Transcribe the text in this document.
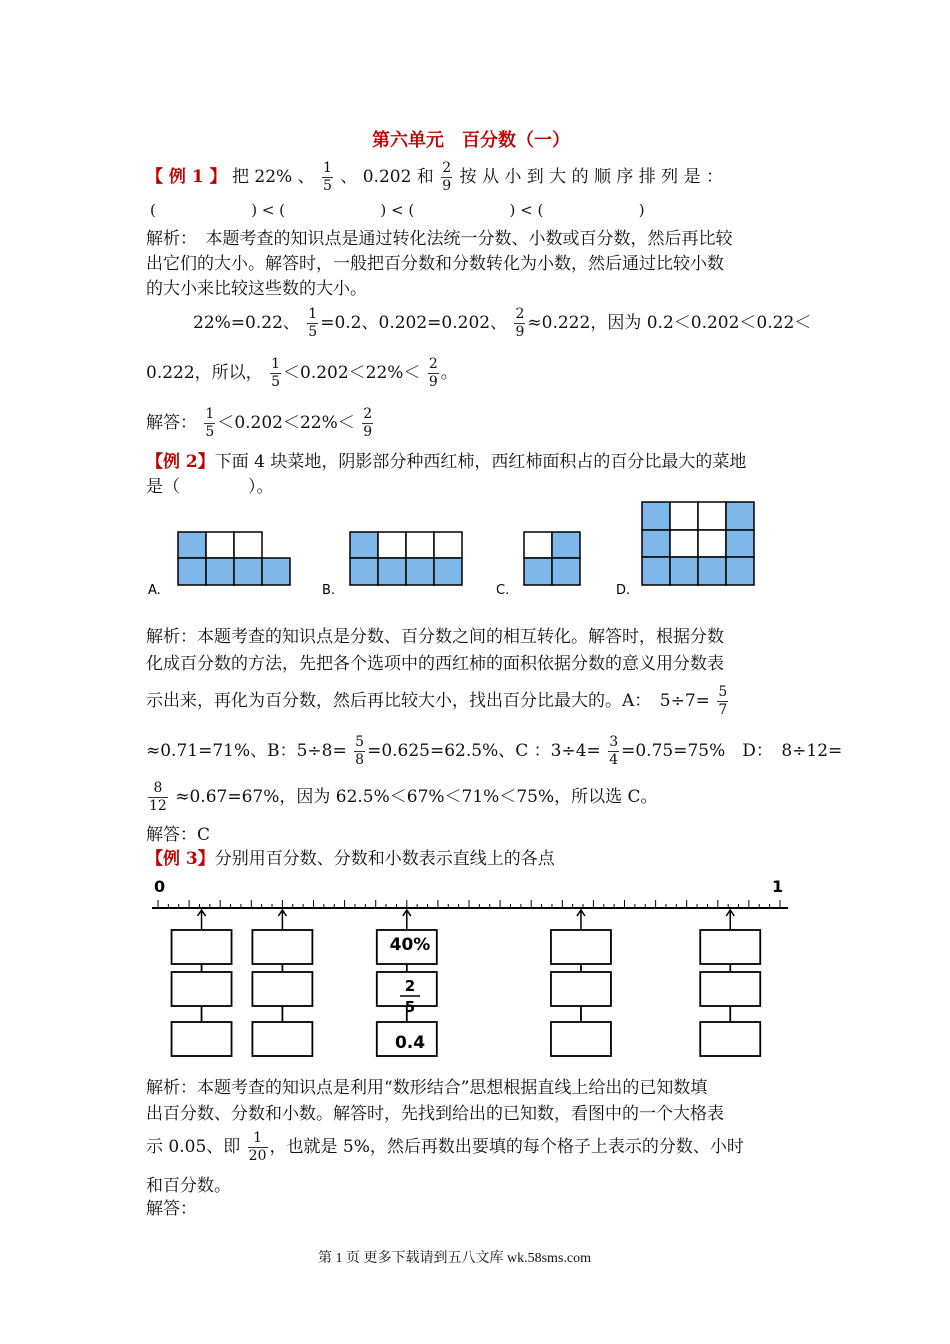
第六单元　百分数（一）
【 例 1 】 把 22% 、 $\frac{1}{5}$ 、 0.202 和 $\frac{2}{9}$ 按 从 小 到 大 的 顺 序 排 列 是 ：
(                    ) < (                    ) < (                    ) < (                    )
解析：　本题考查的知识点是通过转化法统一分数、小数或百分数，然后再比较
出它们的大小。解答时，一般把百分数和分数转化为小数，然后通过比较小数
的大小来比较这些数的大小。
22%=0.22、 $\frac{1}{5} =0.2$、0.202=0.202、 $\frac{2}{9} \approx 0.222$，因为 0.2＜0.202＜0.22＜
0.222，所以， $\frac{1}{5} <0.202<22\%< \frac{2}{9}$ 。
解答： $\frac{1}{5} <0.202<22\%< \frac{2}{9}$
【例 2】下面 4 块菜地，阴影部分种西红柿，西红柿面积占的百分比最大的菜地
是（　　　　）。
A.	B.	C.	D.
解析：本题考查的知识点是分数、百分数之间的相互转化。解答时，根据分数
化成百分数的方法，先把各个选项中的西红柿的面积依据分数的意义用分数表
示出来，再化为百分数，然后再比较大小，找出百分比最大的。A：　$5\div 7= \frac{5}{7}$
≈0.71=71%、B：$5\div 8= \frac{5}{8} =0.625=62.5\%$、C ：$3\div 4= \frac{3}{4} =0.75=75\%$　D：　8÷12=
$\frac{8}{12} \approx 0.67=67\%$，因为 62.5%＜67%＜71%＜75%，所以选 C。
解答：C
【例 3】分别用百分数、分数和小数表示直线上的各点
0	1
40%
2
5
0.4
解析：本题考查的知识点是利用“数形结合”思想根据直线上给出的已知数填
出百分数、分数和小数。解答时，先找到给出的已知数，看图中的一个大格表
示 0.05、即 $\frac{1}{20}$ ，也就是 5%，然后再数出要填的每个格子上表示的分数、小时
和百分数。
解答：
第 1 页 更多下载请到五八文库 wk.58sms.com
